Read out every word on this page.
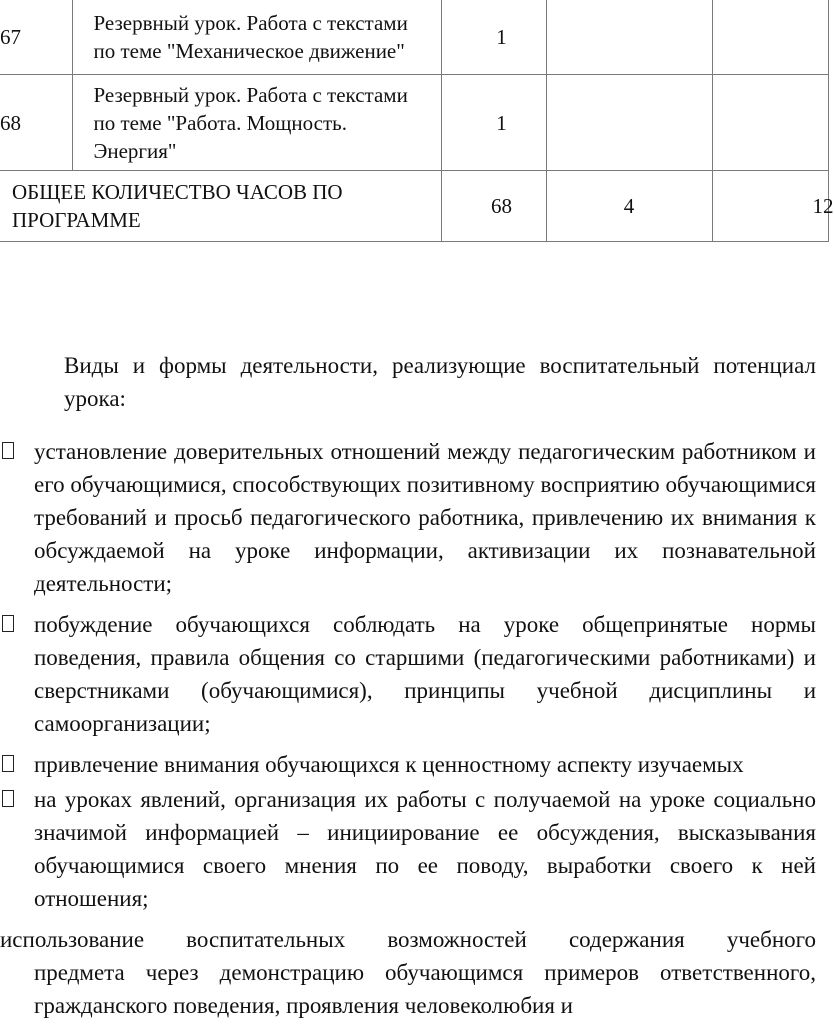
67	Резервный урок. Работа с текстами по теме "Механическое движение"	1		
68	Резервный урок. Работа с текстами по теме "Работа. Мощность. Энергия"	1		
ОБЩЕЕ КОЛИЧЕСТВО ЧАСОВ ПО ПРОГРАММЕ		68	4	12

Виды и формы деятельности, реализующие воспитательный потенциал урока:

установление доверительных отношений между педагогическим работником и его обучающимися, способствующих позитивному восприятию обучающимися требований и просьб педагогического работника, привлечению их внимания к обсуждаемой на уроке информации, активизации их познавательной деятельности;
побуждение обучающихся соблюдать на уроке общепринятые нормы поведения, правила общения со старшими (педагогическими работниками) и сверстниками (обучающимися), принципы учебной дисциплины и самоорганизации;
привлечение внимания обучающихся к ценностному аспекту изучаемых
на уроках явлений, организация их работы с получаемой на уроке социально значимой информацией – инициирование ее обсуждения, высказывания обучающимися своего мнения по ее поводу, выработки своего к ней отношения;
использование воспитательных возможностей содержания учебного
предмета через демонстрацию обучающимся примеров ответственного, гражданского поведения, проявления человеколюбия и
